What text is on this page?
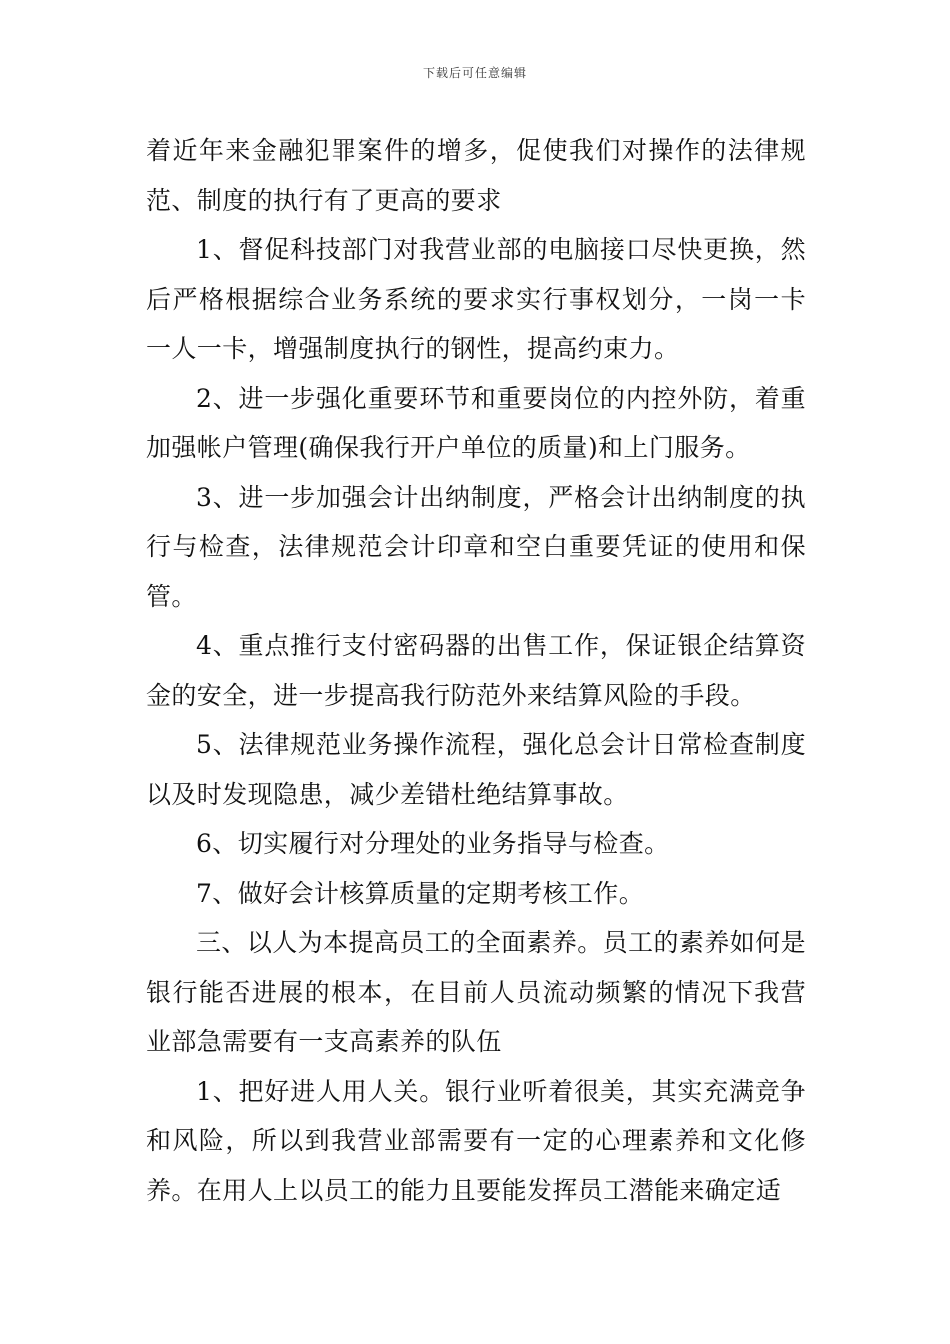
下载后可任意编辑

着近年来金融犯罪案件的增多，促使我们对操作的法律规范、制度的执行有了更高的要求

1、督促科技部门对我营业部的电脑接口尽快更换，然后严格根据综合业务系统的要求实行事权划分，一岗一卡一人一卡，增强制度执行的钢性，提高约束力。

2、进一步强化重要环节和重要岗位的内控外防，着重加强帐户管理(确保我行开户单位的质量)和上门服务。

3、进一步加强会计出纳制度，严格会计出纳制度的执行与检查，法律规范会计印章和空白重要凭证的使用和保管。

4、重点推行支付密码器的出售工作，保证银企结算资金的安全，进一步提高我行防范外来结算风险的手段。

5、法律规范业务操作流程，强化总会计日常检查制度以及时发现隐患，减少差错杜绝结算事故。

6、切实履行对分理处的业务指导与检查。

7、做好会计核算质量的定期考核工作。

三、以人为本提高员工的全面素养。员工的素养如何是银行能否进展的根本，在目前人员流动频繁的情况下我营业部急需要有一支高素养的队伍

1、把好进人用人关。银行业听着很美，其实充满竞争和风险，所以到我营业部需要有一定的心理素养和文化修养。在用人上以员工的能力且要能发挥员工潜能来确定适
